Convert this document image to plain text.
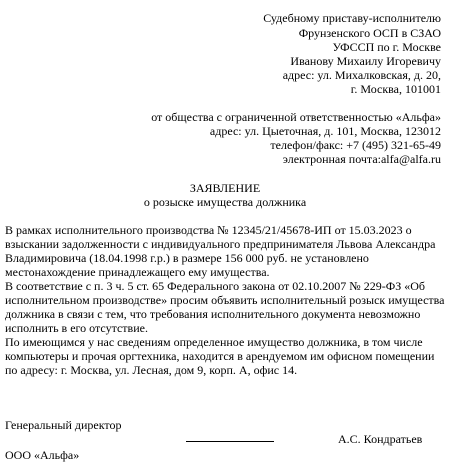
Судебному приставу-исполнителю
Фрунзенского ОСП в СЗАО
УФССП по г. Москве
Иванову Михаилу Игоревичу
адрес: ул. Михалковская, д. 20,
г. Москва, 101001
от общества с ограниченной ответственностью «Альфа»
адрес: ул. Цыеточная, д. 101, Москва, 123012
телефон/факс: +7 (495) 321-65-49
электронная почта:alfa@alfa.ru
ЗАЯВЛЕНИЕ
о розыске имущества должника
В рамках исполнительного производства № 12345/21/45678-ИП от 15.03.2023 о
взыскании задолженности с индивидуального предпринимателя Львова Александра
Владимировича (18.04.1998 г.р.) в размере 156 000 руб. не установлено
местонахождение принадлежащего ему имущества.
В соответствие с п. 3 ч. 5 ст. 65 Федерального закона от 02.10.2007 № 229-ФЗ «Об
исполнительном производстве» просим объявить исполнительный розыск имущества
должника в связи с тем, что требования исполнительного документа невозможно
исполнить в его отсутствие.
По имеющимся у нас сведениям определенное имущество должника, в том числе
компьютеры и прочая оргтехника, находится в арендуемом им офисном помещении
по адресу: г. Москва, ул. Лесная, дом 9, корп. А, офис 14.
Генеральный директор
А.С. Кондратьев
ООО «Альфа»
